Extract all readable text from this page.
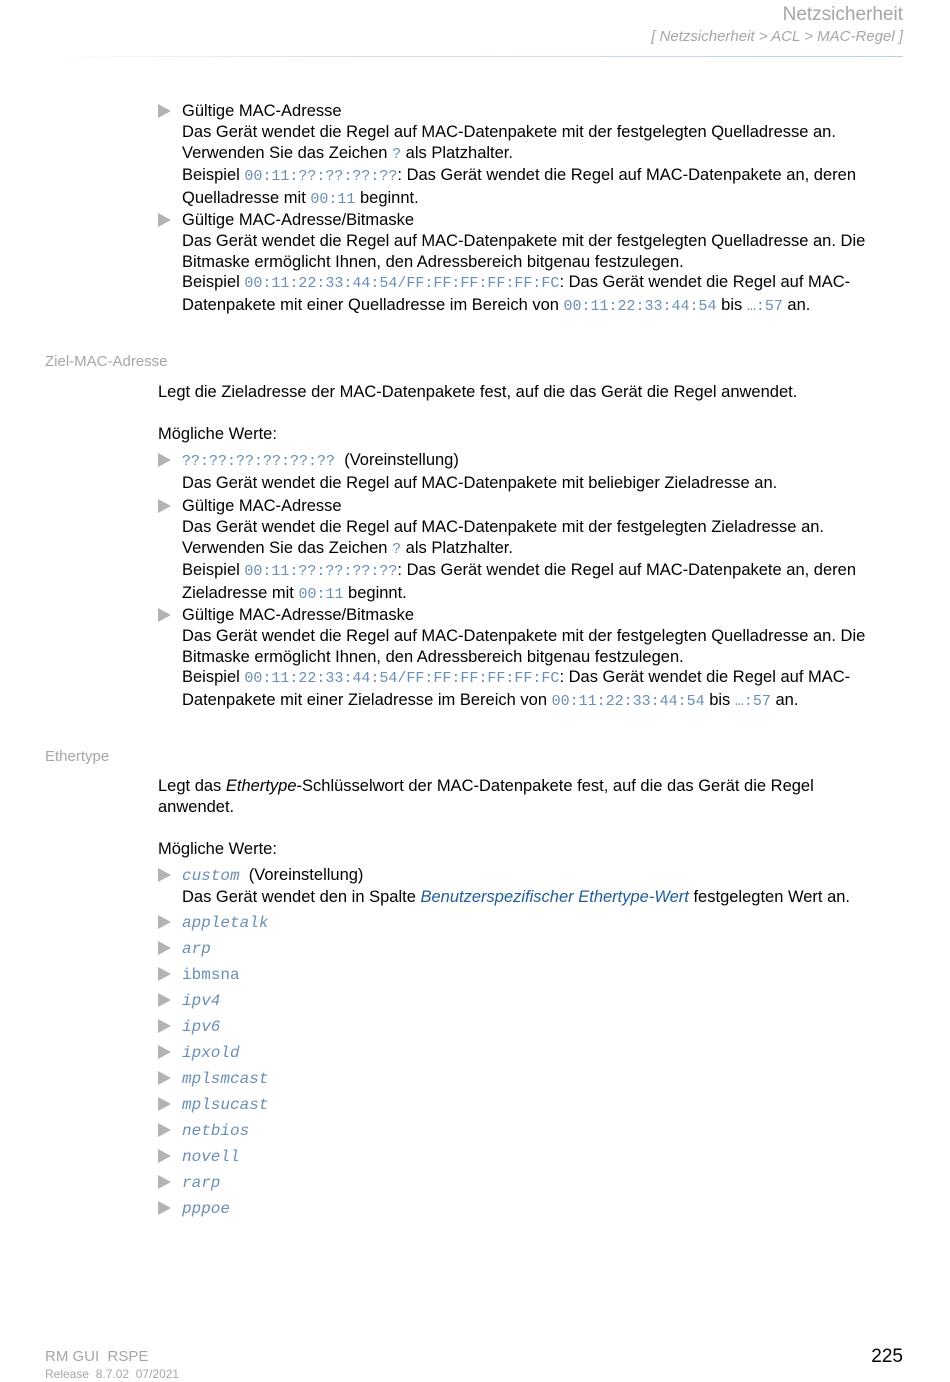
Netzsicherheit
[ Netzsicherheit > ACL > MAC-Regel ]
Gültige MAC-Adresse
Das Gerät wendet die Regel auf MAC-Datenpakete mit der festgelegten Quelladresse an.
Verwenden Sie das Zeichen ? als Platzhalter.
Beispiel 00:11:??:??:??:??: Das Gerät wendet die Regel auf MAC-Datenpakete an, deren
Quelladresse mit 00:11 beginnt.
Gültige MAC-Adresse/Bitmaske
Das Gerät wendet die Regel auf MAC-Datenpakete mit der festgelegten Quelladresse an. Die
Bitmaske ermöglicht Ihnen, den Adressbereich bitgenau festzulegen.
Beispiel 00:11:22:33:44:54/FF:FF:FF:FF:FF:FC: Das Gerät wendet die Regel auf MAC-
Datenpakete mit einer Quelladresse im Bereich von 00:11:22:33:44:54 bis …:57 an.
Ziel-MAC-Adresse
Legt die Zieladresse der MAC-Datenpakete fest, auf die das Gerät die Regel anwendet.
Mögliche Werte:
??:??:??:??:??:??  (Voreinstellung)
Das Gerät wendet die Regel auf MAC-Datenpakete mit beliebiger Zieladresse an.
Gültige MAC-Adresse
Das Gerät wendet die Regel auf MAC-Datenpakete mit der festgelegten Zieladresse an.
Verwenden Sie das Zeichen ? als Platzhalter.
Beispiel 00:11:??:??:??:??: Das Gerät wendet die Regel auf MAC-Datenpakete an, deren
Zieladresse mit 00:11 beginnt.
Gültige MAC-Adresse/Bitmaske
Das Gerät wendet die Regel auf MAC-Datenpakete mit der festgelegten Quelladresse an. Die
Bitmaske ermöglicht Ihnen, den Adressbereich bitgenau festzulegen.
Beispiel 00:11:22:33:44:54/FF:FF:FF:FF:FF:FC: Das Gerät wendet die Regel auf MAC-
Datenpakete mit einer Zieladresse im Bereich von 00:11:22:33:44:54 bis …:57 an.
Ethertype
Legt das Ethertype-Schlüsselwort der MAC-Datenpakete fest, auf die das Gerät die Regel
anwendet.
Mögliche Werte:
custom  (Voreinstellung)
Das Gerät wendet den in Spalte Benutzerspezifischer Ethertype-Wert festgelegten Wert an.
appletalk
arp
ibmsna
ipv4
ipv6
ipxold
mplsmcast
mplsucast
netbios
novell
rarp
pppoe
RM GUI  RSPE
Release  8.7.02  07/2021
225
